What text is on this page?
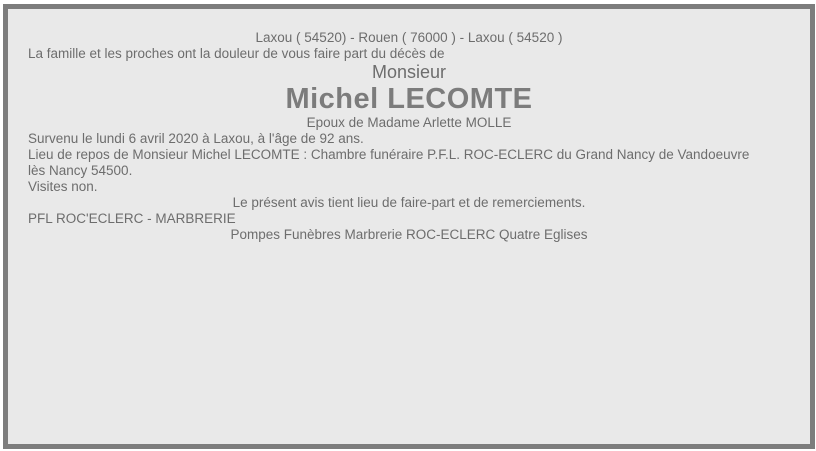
Laxou ( 54520) - Rouen ( 76000 ) - Laxou ( 54520 )

La famille et les proches ont la douleur de vous faire part du décès de

Monsieur

Michel LECOMTE

Epoux de Madame Arlette MOLLE

Survenu le lundi 6 avril 2020 à Laxou, à l'âge de 92 ans.

Lieu de repos de Monsieur Michel LECOMTE : Chambre funéraire P.F.L. ROC-ECLERC du Grand Nancy de Vandoeuvre lès Nancy 54500.

Visites non.

Le présent avis tient lieu de faire-part et de remerciements.

PFL ROC'ECLERC - MARBRERIE

Pompes Funèbres Marbrerie ROC-ECLERC Quatre Eglises
